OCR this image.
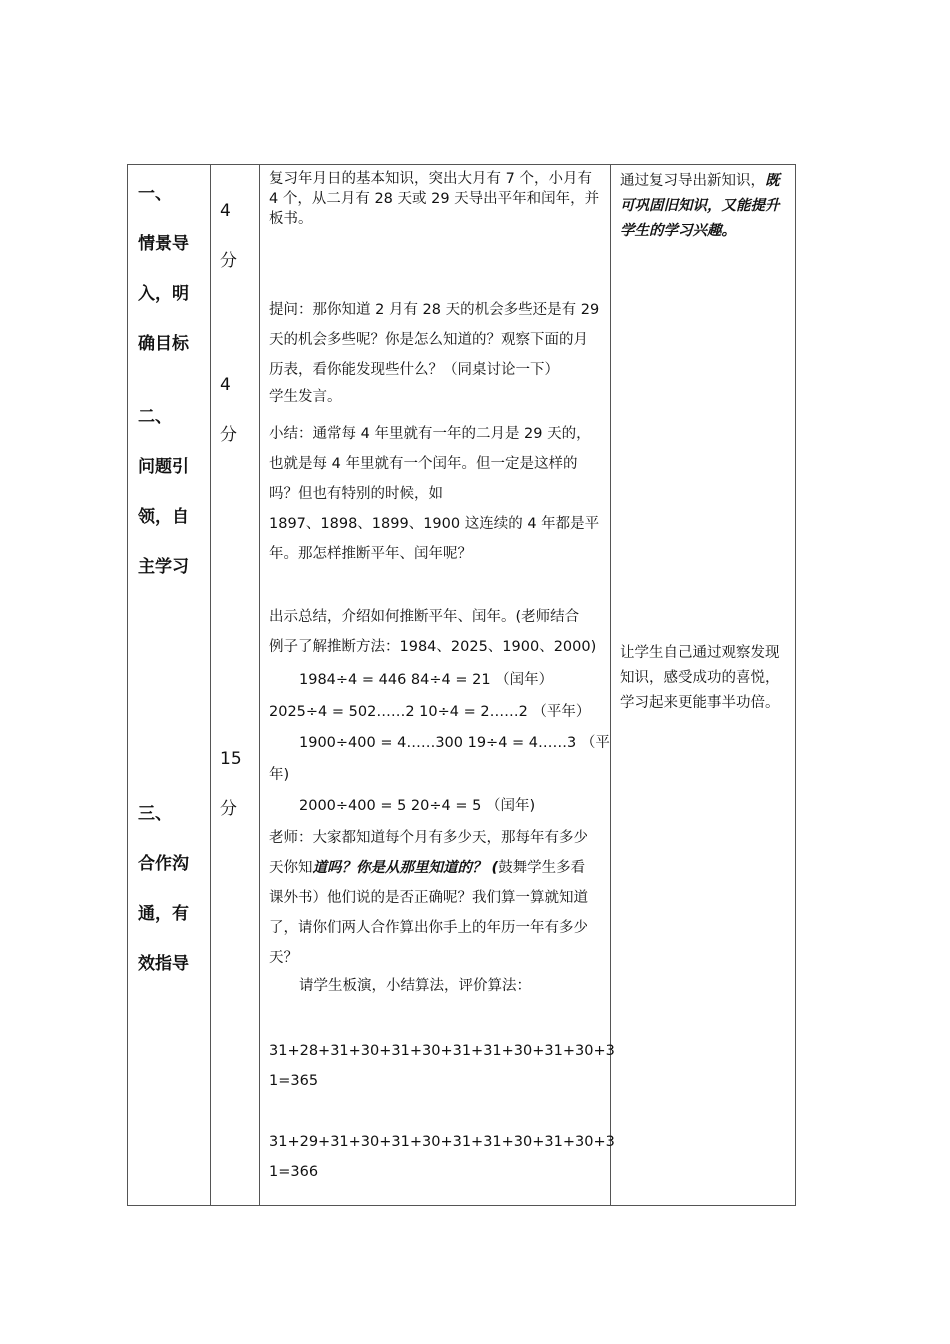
一、
情景导
入，明
确目标
二、
问题引
领，自
主学习
三、
合作沟
通，有
效指导
4
分
4
分
15
分

复习年月日的基本知识，突出大月有 7 个，小月有

4 个，从二月有 28 天或 29 天导出平年和闰年，并

板书。

提问：那你知道 2 月有 28 天的机会多些还是有 29

天的机会多些呢？你是怎么知道的？观察下面的月

历表，看你能发现些什么？（同桌讨论一下）

学生发言。

小结：通常每 4 年里就有一年的二月是 29 天的，

也就是每 4 年里就有一个闰年。但一定是这样的

吗？但也有特别的时候，如

1897、1898、1899、1900 这连续的 4 年都是平

年。那怎样推断平年、闰年呢？

出示总结，介绍如何推断平年、闰年。(老师结合

例子了解推断方法：1984、2025、1900、2000)

1984÷4 = 446 84÷4 = 21 （闰年）

2025÷4 = 502……2 10÷4 = 2……2 （平年）

1900÷400 = 4……300 19÷4 = 4……3 （平

年)

2000÷400 = 5 20÷4 = 5 （闰年)

老师：大家都知道每个月有多少天，那每年有多少

天你知道吗？你是从那里知道的？ (鼓舞学生多看

课外书）他们说的是否正确呢？我们算一算就知道

了，请你们两人合作算出你手上的年历一年有多少

天？

请学生板演，小结算法，评价算法：

31+28+31+30+31+30+31+31+30+31+30+3

1=365

31+29+31+30+31+30+31+31+30+31+30+3

1=366

通过复习导出新知识，既

可巩固旧知识，又能提升

学生的学习兴趣。

让学生自己通过观察发现

知识，感受成功的喜悦，

学习起来更能事半功倍。
